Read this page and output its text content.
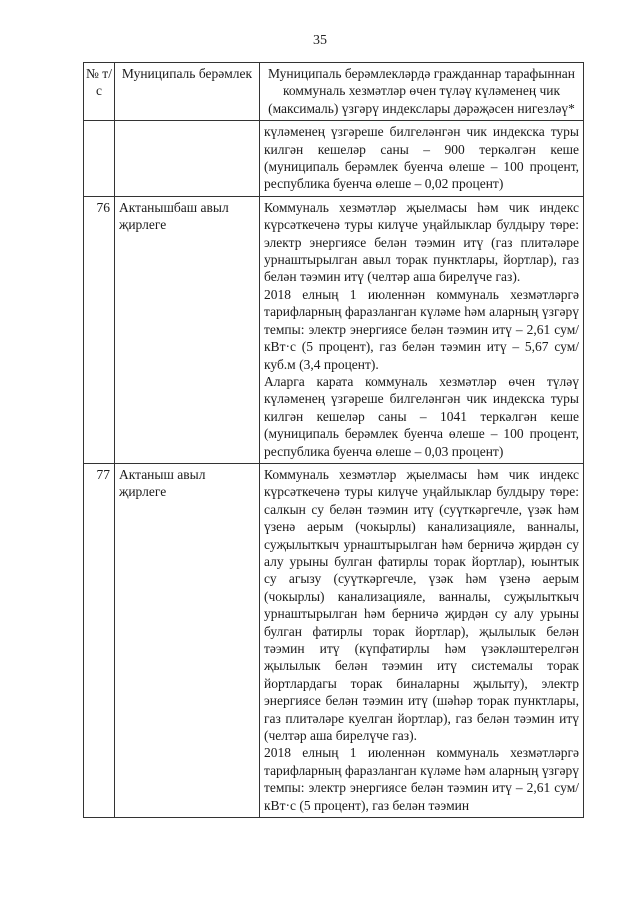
35
№ т/с	Муниципаль берәмлек	Муниципаль берәмлекләрдә гражданнар тарафыннан коммуналь хезмәтләр өчен түләү күләменең чик (максималь) үзгәрү индекслары дәрәҗәсен нигезләү*

		күләменең үзгәреше билгеләнгән чик индекска туры килгән кешеләр саны – 900 теркәлгән кеше (муниципаль берәмлек буенча өлеше – 100 процент, республика буенча өлеше – 0,02 процент)

76	Актанышбаш авыл җирлеге	Коммуналь хезмәтләр җыелмасы һәм чик индекс күрсәткеченә туры килүче уңайлыклар булдыру төре: электр энергиясе белән тәэмин итү (газ плитәләре урнаштырылган авыл торак пунктлары, йортлар), газ белән тәэмин итү (челтәр аша бирелүче газ).

2018 елның 1 июленнән коммуналь хезмәтләргә тарифларның фаразланган күләме һәм аларның үзгәрү темпы: электр энергиясе белән тәэмин итү – 2,61 сум/кВт·с (5 процент), газ белән тәэмин итү – 5,67 сум/куб.м (3,4 процент).

Аларга карата коммуналь хезмәтләр өчен түләү күләменең үзгәреше билгеләнгән чик индекска туры килгән кешеләр саны – 1041 теркәлгән кеше (муниципаль берәмлек буенча өлеше – 100 процент, республика буенча өлеше – 0,03 процент)

77	Актаныш авыл җирлеге	Коммуналь хезмәтләр җыелмасы һәм чик индекс күрсәткеченә туры килүче уңайлыклар булдыру төре: салкын су белән тәэмин итү (суүткәргечле, үзәк һәм үзенә аерым (чокырлы) канализацияле, ванналы, суҗылыткыч урнаштырылган һәм берничә җирдән су алу урыны булган фатирлы торак йортлар), юынтык су агызу (суүткәргечле, үзәк һәм үзенә аерым (чокырлы) канализацияле, ванналы, суҗылыткыч урнаштырылган һәм берничә җирдән су алу урыны булган фатирлы торак йортлар), җылылык белән тәэмин итү (күпфатирлы һәм үзәкләштерелгән җылылык белән тәэмин итү системалы торак йортлардагы торак биналарны җылыту), электр энергиясе белән тәэмин итү (шәһәр торак пунктлары, газ плитәләре куелган йортлар), газ белән тәэмин итү (челтәр аша бирелүче газ).

2018 елның 1 июленнән коммуналь хезмәтләргә тарифларның фаразланган күләме һәм аларның үзгәрү темпы: электр энергиясе белән тәэмин итү – 2,61 сум/кВт·с (5 процент), газ белән тәэмин
